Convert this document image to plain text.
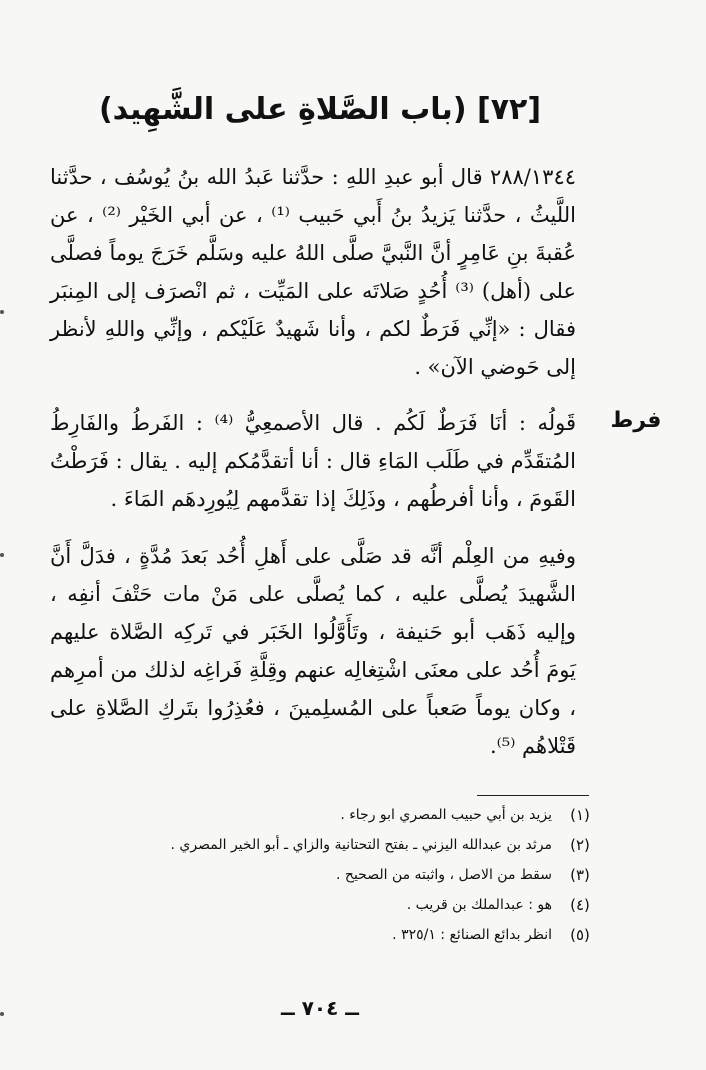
[٧٢] (باب الصَّلاةِ على الشَّهِيد)
٢٨٨/١٣٤٤ قال أبو عبدِ اللهِ : حدَّثنا عَبدُ الله بنُ يُوسُف ، حدَّثنا اللَّيثُ ، حدَّثنا يَزيدُ بنُ أَبي حَبيب ⁽¹⁾ ، عن أبي الخَيْر ⁽²⁾ ، عن عُقبةَ بنِ عَامِرٍ أنَّ النَّبيَّ صلَّى اللهُ عليه وسَلَّم خَرَجَ يوماً فصلَّى على (أهل) ⁽³⁾ أُحُدٍ صَلاتَه على المَيِّت ، ثم انْصرَف إلى المِنبَر فقال : «إنِّي فَرَطٌ لكم ، وأنا شَهيدٌ عَلَيْكم ، وإنِّي واللهِ لأنظر إلى حَوضي الآن» .
فرط
قَولُه : أنَا فَرَطٌ لَكُم . قال الأصمعِيُّ ⁽⁴⁾ : الفَرطُ والفَارِطُ المُتقَدِّم في طَلَب المَاءِ قال : أنا أتقدَّمُكم إليه . يقال : فَرَطْتُ القَومَ ، وأنا أفرطُهم ، وذَلِكَ إذا تقدَّمهم لِيُورِدهَم المَاءَ .
وفيهِ من العِلْم أنَّه قد صَلَّى على أَهلِ أُحُد بَعدَ مُدَّةٍ ، فدَلَّ أَنَّ الشَّهيدَ يُصلَّى عليه ، كما يُصلَّى على مَنْ مات حَتْفَ أنفِه ، وإليه ذَهَب أبو حَنيفة ، وتَأَوَّلُوا الخَبَر في تَركِه الصَّلاة عليهم يَومَ أُحُد على معنَى اشْتِغالِه عنهم وقِلَّةِ فَراغِه لذلك من أمرِهم ، وكان يوماً صَعباً على المُسلِمينَ ، فعُذِرُوا بتَركِ الصَّلاةِ على قَتْلاهُم ⁽⁵⁾.
(١)
يزيد بن أبي حبيب المصري ابو رجاء .
(٢)
مرثد بن عبدالله اليزني ـ بفتح التحتانية والزاي ـ أبو الخير المصري .
(٣)
سقط من الاصل ، واثبته من الصحيح .
(٤)
هو : عبدالملك بن قريب .
(٥)
انظر بدائع الصنائع : ٣٢٥/١ .
ــ ٧٠٤ ــ
